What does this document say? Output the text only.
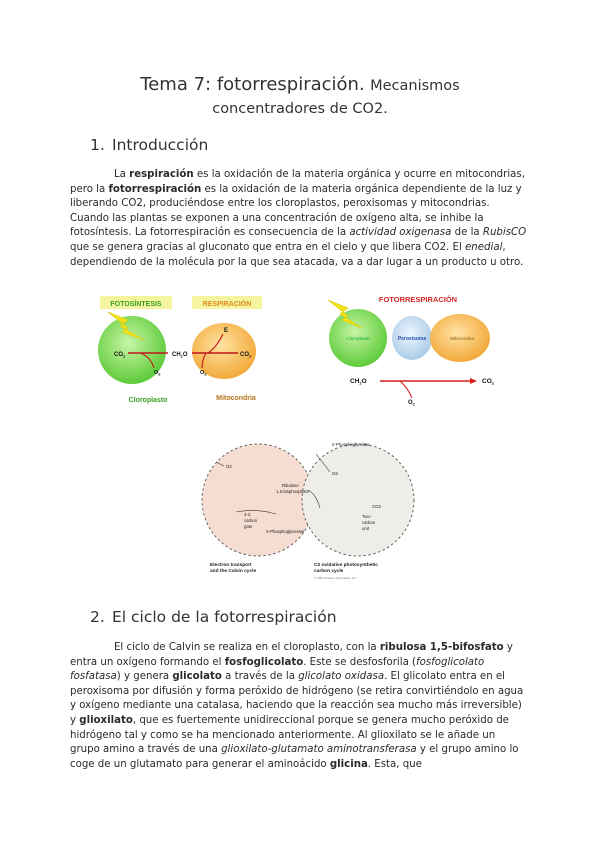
Tema 7: fotorrespiración. Mecanismos
concentradores de CO2.
1. Introducción
La respiración es la oxidación de la materia orgánica y ocurre en mitocondrias, pero la fotorrespiración es la oxidación de la materia orgánica dependiente de la luz y liberando CO2, produciéndose entre los cloroplastos, peroxisomas y mitocondrias. Cuando las plantas se exponen a una concentración de oxígeno alta, se inhibe la fotosíntesis. La fotorrespiración es consecuencia de la actividad oxigenasa de la RubisCO que se genera gracias al gluconato que entra en el cielo y que libera CO2. El enedial, dependiendo de la molécula por la que sea atacada, va a dar lugar a un producto u otro.
FOTOSÍNTESIS	RESPIRACIÓN
$CO_2$	$CH_2O$
$O_2$
E
$O_2$
$CO_2$
Cloroplasto	Mitocondria
FOTORRESPIRACIÓN
Cloroplasto	Peroxisoma	Mitocondria
$CH_2O$
$O_2$
$CO_2$
O2
2-Phosphoglycolate
O2
Ribulose
1,5-bisphosphate
CO2
3-C
carbon
gate
Two-
carbon
unit
3-Phosphoglycerate
Electron transport
and the Calvin cycle
C2 oxidative photosynthetic
carbon cycle
© 2004 Sinauer Associates, Inc.
2. El ciclo de la fotorrespiración
El ciclo de Calvin se realiza en el cloroplasto, con la ribulosa 1,5-bifosfato y entra un oxígeno formando el fosfoglicolato. Este se desfosforila (fosfoglicolato fosfatasa) y genera glicolato a través de la glicolato oxidasa. El glicolato entra en el peroxisoma por difusión y forma peróxido de hidrógeno (se retira convirtiéndolo en agua y oxígeno mediante una catalasa, haciendo que la reacción sea mucho más irreversible) y glioxilato, que es fuertemente unidireccional porque se genera mucho peróxido de hidrógeno tal y como se ha mencionado anteriormente. Al glioxilato se le añade un grupo amino a través de una glioxilato-glutamato aminotransferasa y el grupo amino lo coge de un glutamato para generar el aminoácido glicina. Esta, que
